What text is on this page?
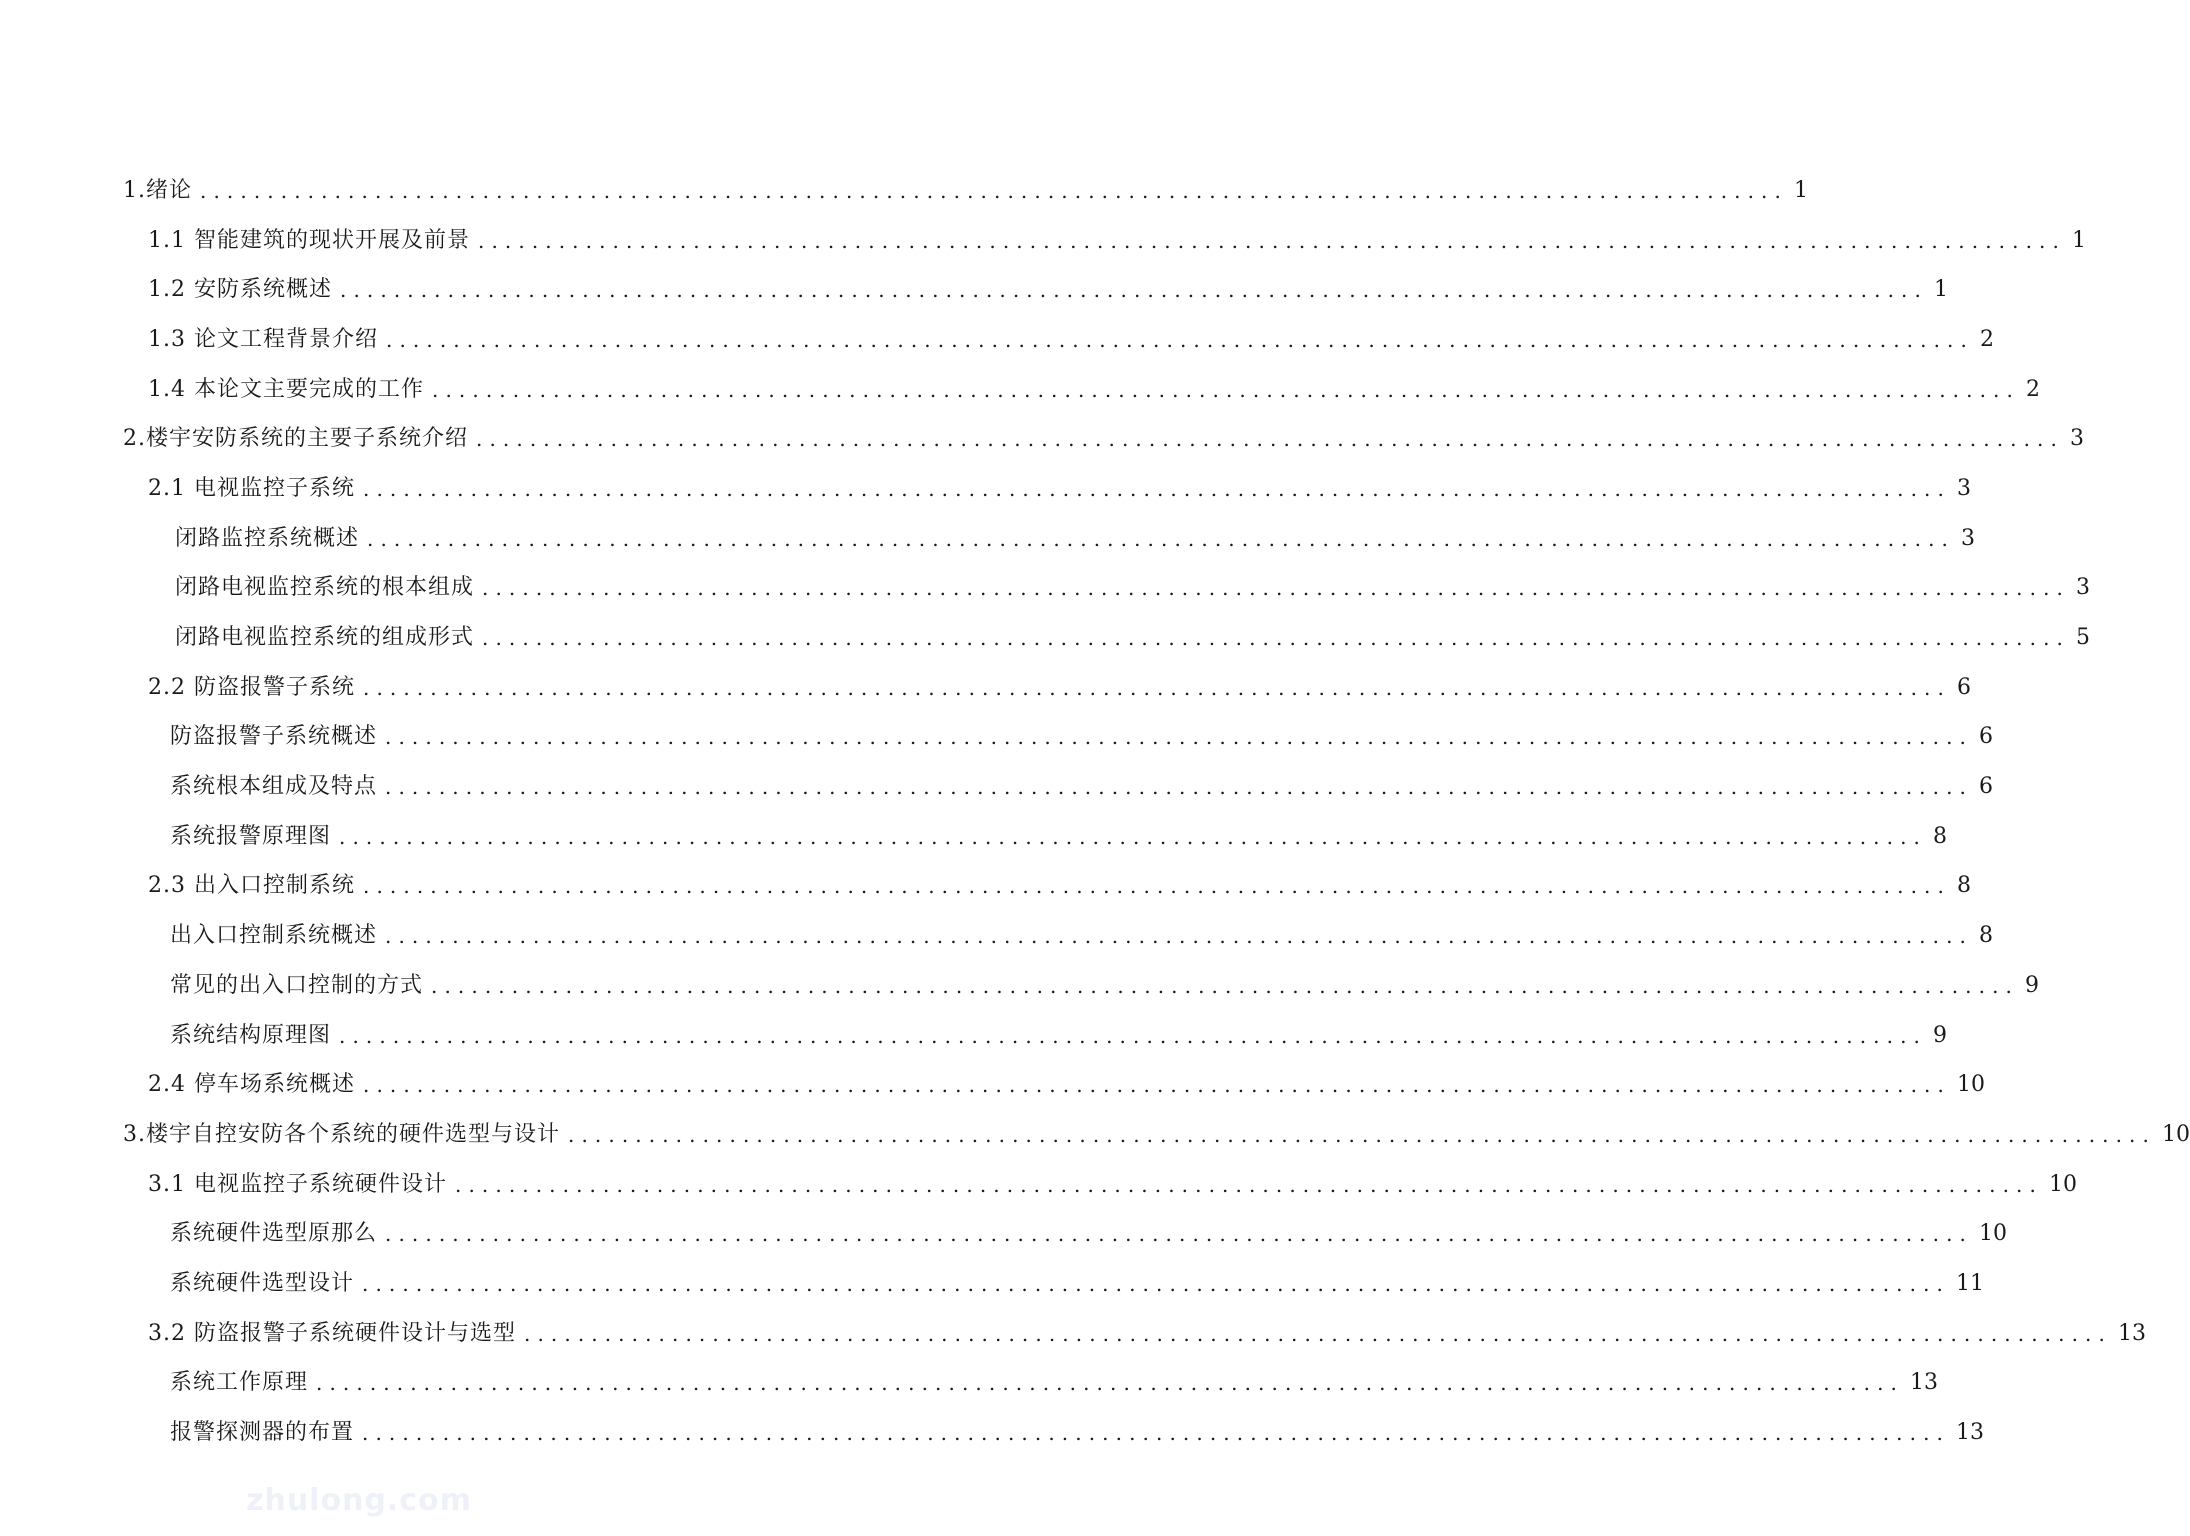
1.绪论 ...................................................................................................................... 1
1.1 智能建筑的现状开展及前景 ...................................................................................................................... 1
1.2 安防系统概述 ...................................................................................................................... 1
1.3 论文工程背景介绍 ...................................................................................................................... 2
1.4 本论文主要完成的工作 ...................................................................................................................... 2
2.楼宇安防系统的主要子系统介绍 ...................................................................................................................... 3
2.1 电视监控子系统 ...................................................................................................................... 3
闭路监控系统概述 ...................................................................................................................... 3
闭路电视监控系统的根本组成 ...................................................................................................................... 3
闭路电视监控系统的组成形式 ...................................................................................................................... 5
2.2 防盗报警子系统 ...................................................................................................................... 6
防盗报警子系统概述 ...................................................................................................................... 6
系统根本组成及特点 ...................................................................................................................... 6
系统报警原理图 ...................................................................................................................... 8
2.3 出入口控制系统 ...................................................................................................................... 8
出入口控制系统概述 ...................................................................................................................... 8
常见的出入口控制的方式 ...................................................................................................................... 9
系统结构原理图 ...................................................................................................................... 9
2.4 停车场系统概述 ...................................................................................................................... 10
3.楼宇自控安防各个系统的硬件选型与设计 ...................................................................................................................... 10
3.1 电视监控子系统硬件设计 ...................................................................................................................... 10
系统硬件选型原那么 ...................................................................................................................... 10
系统硬件选型设计 ...................................................................................................................... 11
3.2 防盗报警子系统硬件设计与选型 ...................................................................................................................... 13
系统工作原理 ...................................................................................................................... 13
报警探测器的布置 ...................................................................................................................... 13
zhulong.com
